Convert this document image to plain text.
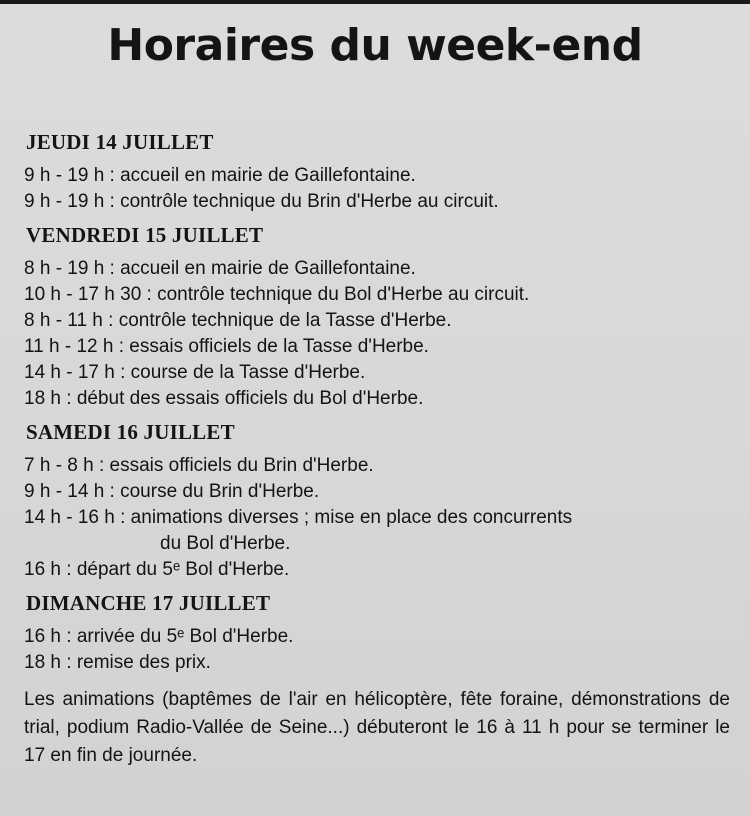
Horaires du week-end
JEUDI 14 JUILLET
9 h - 19 h : accueil en mairie de Gaillefontaine.
9 h - 19 h : contrôle technique du Brin d'Herbe au circuit.
VENDREDI 15 JUILLET
8 h - 19 h : accueil en mairie de Gaillefontaine.
10 h - 17 h 30 : contrôle technique du Bol d'Herbe au circuit.
8 h - 11 h : contrôle technique de la Tasse d'Herbe.
11 h - 12 h : essais officiels de la Tasse d'Herbe.
14 h - 17 h : course de la Tasse d'Herbe.
18 h : début des essais officiels du Bol d'Herbe.
SAMEDI 16 JUILLET
7 h - 8 h : essais officiels du Brin d'Herbe.
9 h - 14 h : course du Brin d'Herbe.
14 h - 16 h : animations diverses ; mise en place des concurrents
du Bol d'Herbe.
16 h : départ du 5ᵉ Bol d'Herbe.
DIMANCHE 17 JUILLET
16 h : arrivée du 5ᵉ Bol d'Herbe.
18 h : remise des prix.

Les animations (baptêmes de l'air en hélicoptère, fête foraine, démonstrations de trial, podium Radio-Vallée de Seine...) débuteront le 16 à 11 h pour se terminer le 17 en fin de journée.
